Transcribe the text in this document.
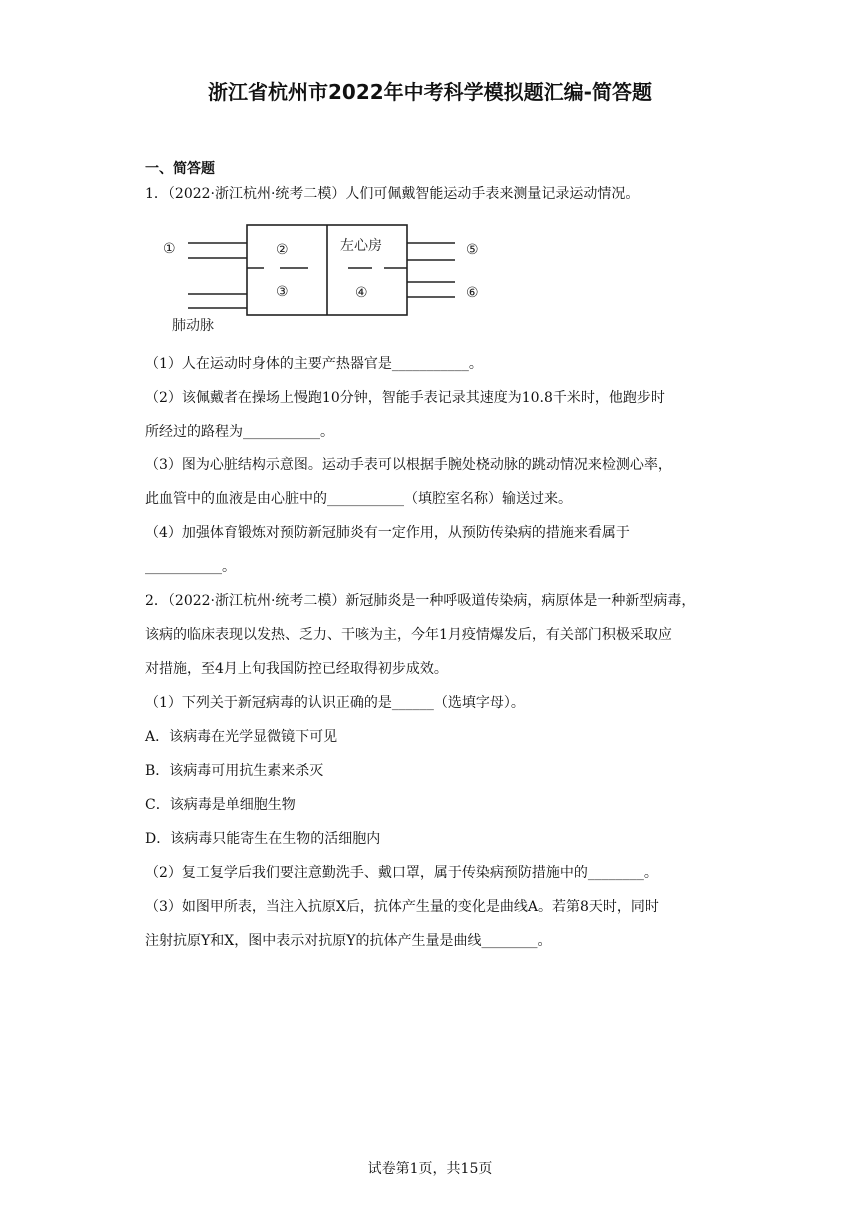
浙江省杭州市2022年中考科学模拟题汇编-简答题
一、简答题
1．（2022·浙江杭州·统考二模）人们可佩戴智能运动手表来测量记录运动情况。
①	②	左心房	⑤
③	④	⑥
肺动脉
（1）人在运动时身体的主要产热器官是___________。
（2）该佩戴者在操场上慢跑10分钟，智能手表记录其速度为10.8千米时，他跑步时
所经过的路程为___________。
（3）图为心脏结构示意图。运动手表可以根据手腕处桡动脉的跳动情况来检测心率，
此血管中的血液是由心脏中的___________（填腔室名称）输送过来。
（4）加强体育锻炼对预防新冠肺炎有一定作用，从预防传染病的措施来看属于
___________。
2．（2022·浙江杭州·统考二模）新冠肺炎是一种呼吸道传染病，病原体是一种新型病毒，
该病的临床表现以发热、乏力、干咳为主，今年1月疫情爆发后，有关部门积极采取应
对措施，至4月上旬我国防控已经取得初步成效。
（1）下列关于新冠病毒的认识正确的是______（选填字母）。
A．该病毒在光学显微镜下可见
B．该病毒可用抗生素来杀灭
C．该病毒是单细胞生物
D．该病毒只能寄生在生物的活细胞内
（2）复工复学后我们要注意勤洗手、戴口罩，属于传染病预防措施中的________。
（3）如图甲所表，当注入抗原X后，抗体产生量的变化是曲线A。若第8天时，同时
注射抗原Y和X，图中表示对抗原Y的抗体产生量是曲线________。
试卷第1页，共15页
